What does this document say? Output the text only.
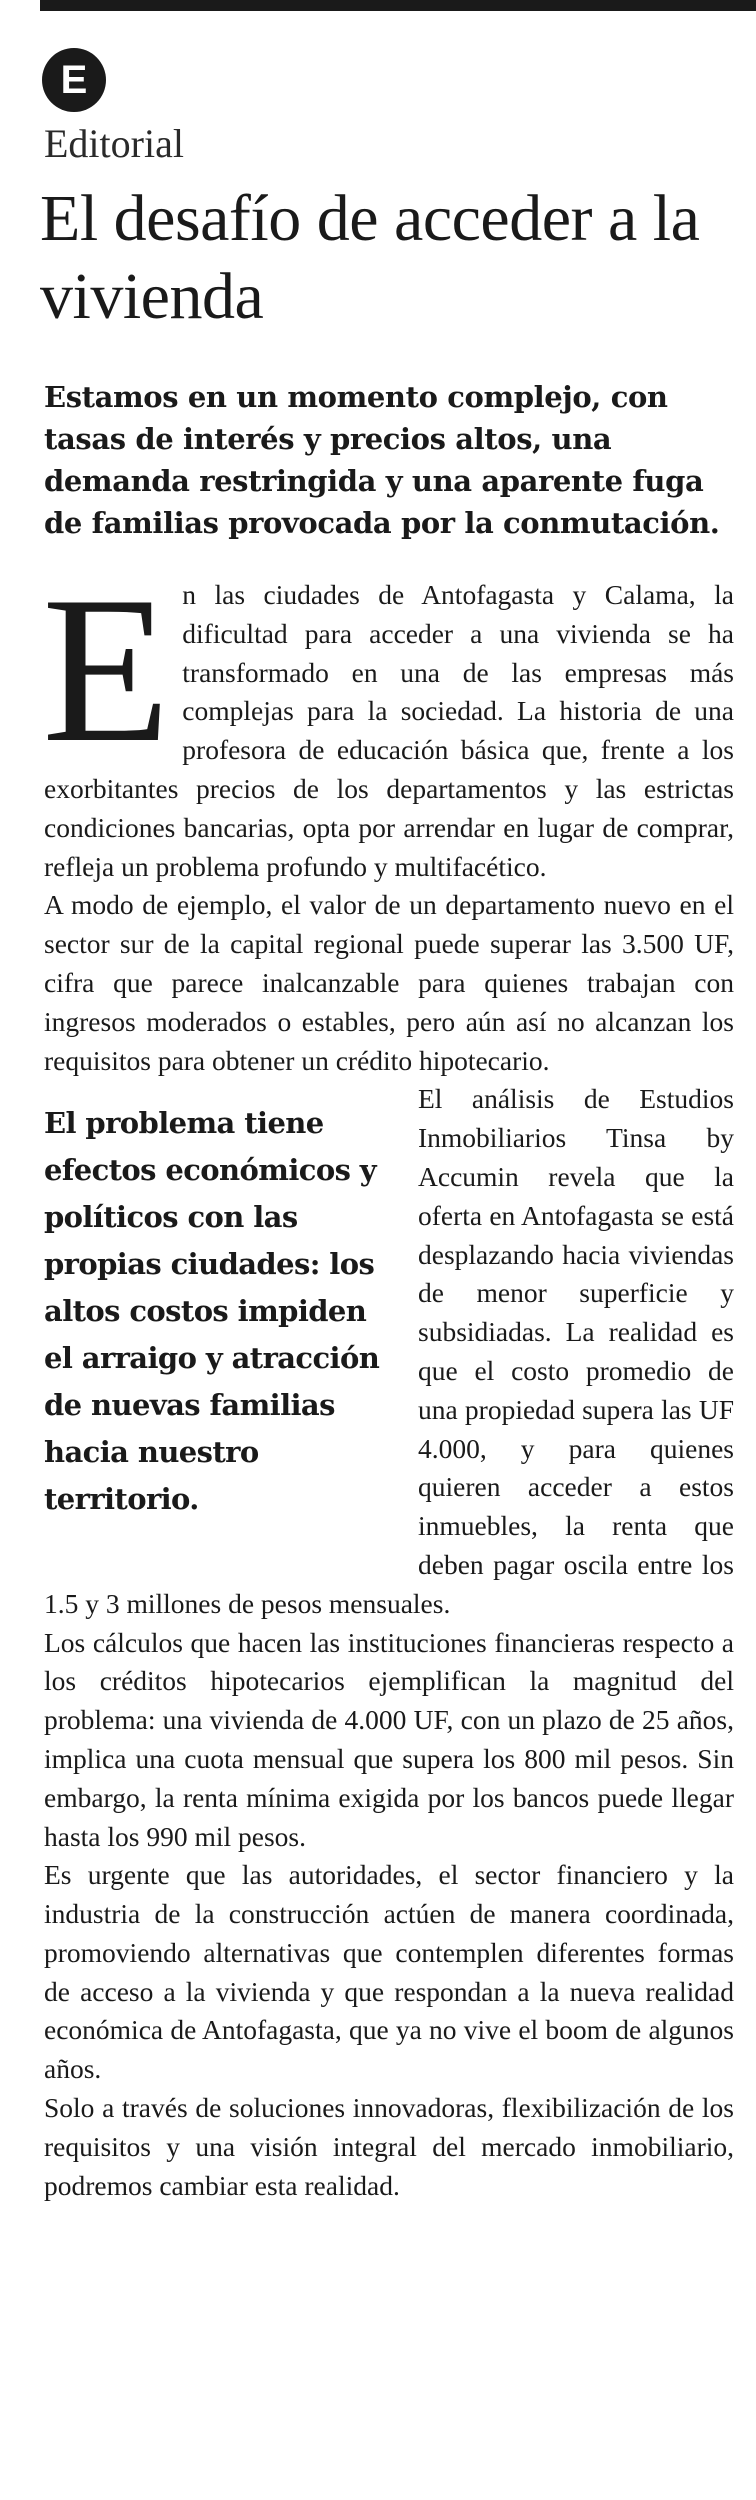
E
Editorial
El desafío de acceder a la vivienda

Estamos en un momento complejo, con tasas de interés y precios altos, una demanda restringida y una aparente fuga de familias provocada por la conmutación.

En las ciudades de Antofagasta y Calama, la dificultad para acceder a una vivienda se ha transformado en una de las empresas más complejas para la sociedad. La historia de una profesora de educación básica que, frente a los exorbitantes precios de los departamentos y las estrictas condiciones bancarias, opta por arrendar en lugar de comprar, refleja un problema profundo y multifacético.

A modo de ejemplo, el valor de un departamento nuevo en el sector sur de la capital regional puede superar las 3.500 UF, cifra que parece inalcanzable para quienes trabajan con ingresos moderados o estables, pero aún así no alcanzan los requisitos para obtener un crédito hipotecario.

El problema tiene efectos económicos y políticos con las propias ciudades: los altos costos impiden el arraigo y atracción de nuevas familias hacia nuestro territorio.
El análisis de Estudios Inmobiliarios Tinsa by Accumin revela que la oferta en Antofagasta se está desplazando hacia viviendas de menor superficie y subsidiadas. La realidad es que el costo promedio de una propiedad supera las UF 4.000, y para quienes quieren acceder a estos inmuebles, la renta que deben pagar oscila entre los 1.5 y 3 millones de pesos mensuales.

Los cálculos que hacen las instituciones financieras respecto a los créditos hipotecarios ejemplifican la magnitud del problema: una vivienda de 4.000 UF, con un plazo de 25 años, implica una cuota mensual que supera los 800 mil pesos. Sin embargo, la renta mínima exigida por los bancos puede llegar hasta los 990 mil pesos.

Es urgente que las autoridades, el sector financiero y la industria de la construcción actúen de manera coordinada, promoviendo alternativas que contemplen diferentes formas de acceso a la vivienda y que respondan a la nueva realidad económica de Antofagasta, que ya no vive el boom de algunos años.

Solo a través de soluciones innovadoras, flexibilización de los requisitos y una visión integral del mercado inmobiliario, podremos cambiar esta realidad.
